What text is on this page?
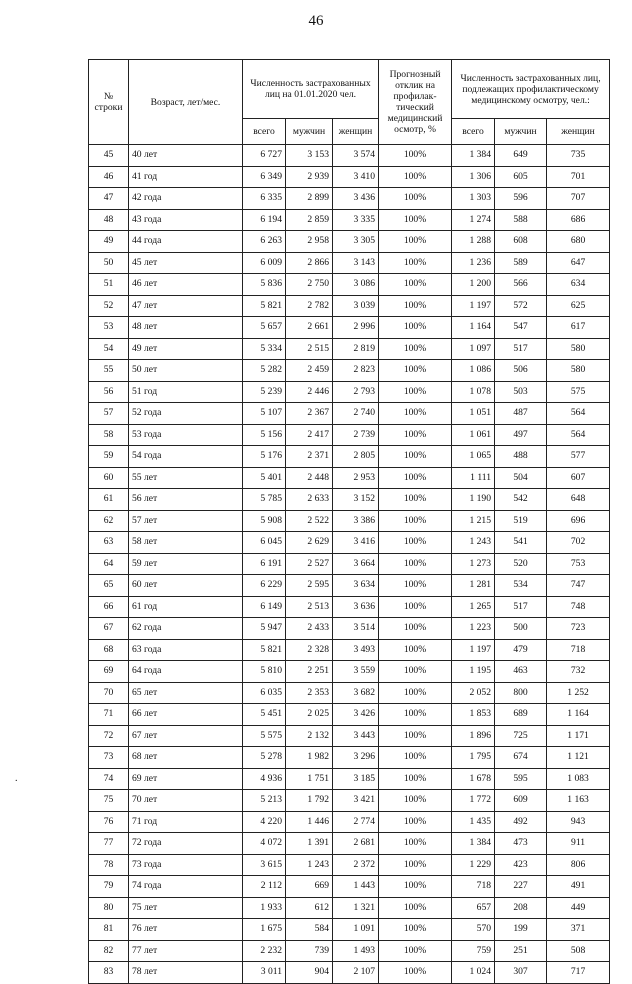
46
.
№ строки	Возраст, лет/мес.	Численность застрахованных лиц на 01.01.2020 чел.			Прогнозный отклик на профилак-тический медицинский осмотр, %	Численность застрахованных лиц, подлежащих профилактическому медицинскому осмотру, чел.:		
		всего	мужчин	женщин		всего	мужчин	женщин
45	40 лет	6 727	3 153	3 574	100%	1 384	649	735
46	41 год	6 349	2 939	3 410	100%	1 306	605	701
47	42 года	6 335	2 899	3 436	100%	1 303	596	707
48	43 года	6 194	2 859	3 335	100%	1 274	588	686
49	44 года	6 263	2 958	3 305	100%	1 288	608	680
50	45 лет	6 009	2 866	3 143	100%	1 236	589	647
51	46 лет	5 836	2 750	3 086	100%	1 200	566	634
52	47 лет	5 821	2 782	3 039	100%	1 197	572	625
53	48 лет	5 657	2 661	2 996	100%	1 164	547	617
54	49 лет	5 334	2 515	2 819	100%	1 097	517	580
55	50 лет	5 282	2 459	2 823	100%	1 086	506	580
56	51 год	5 239	2 446	2 793	100%	1 078	503	575
57	52 года	5 107	2 367	2 740	100%	1 051	487	564
58	53 года	5 156	2 417	2 739	100%	1 061	497	564
59	54 года	5 176	2 371	2 805	100%	1 065	488	577
60	55 лет	5 401	2 448	2 953	100%	1 111	504	607
61	56 лет	5 785	2 633	3 152	100%	1 190	542	648
62	57 лет	5 908	2 522	3 386	100%	1 215	519	696
63	58 лет	6 045	2 629	3 416	100%	1 243	541	702
64	59 лет	6 191	2 527	3 664	100%	1 273	520	753
65	60 лет	6 229	2 595	3 634	100%	1 281	534	747
66	61 год	6 149	2 513	3 636	100%	1 265	517	748
67	62 года	5 947	2 433	3 514	100%	1 223	500	723
68	63 года	5 821	2 328	3 493	100%	1 197	479	718
69	64 года	5 810	2 251	3 559	100%	1 195	463	732
70	65 лет	6 035	2 353	3 682	100%	2 052	800	1 252
71	66 лет	5 451	2 025	3 426	100%	1 853	689	1 164
72	67 лет	5 575	2 132	3 443	100%	1 896	725	1 171
73	68 лет	5 278	1 982	3 296	100%	1 795	674	1 121
74	69 лет	4 936	1 751	3 185	100%	1 678	595	1 083
75	70 лет	5 213	1 792	3 421	100%	1 772	609	1 163
76	71 год	4 220	1 446	2 774	100%	1 435	492	943
77	72 года	4 072	1 391	2 681	100%	1 384	473	911
78	73 года	3 615	1 243	2 372	100%	1 229	423	806
79	74 года	2 112	669	1 443	100%	718	227	491
80	75 лет	1 933	612	1 321	100%	657	208	449
81	76 лет	1 675	584	1 091	100%	570	199	371
82	77 лет	2 232	739	1 493	100%	759	251	508
83	78 лет	3 011	904	2 107	100%	1 024	307	717
